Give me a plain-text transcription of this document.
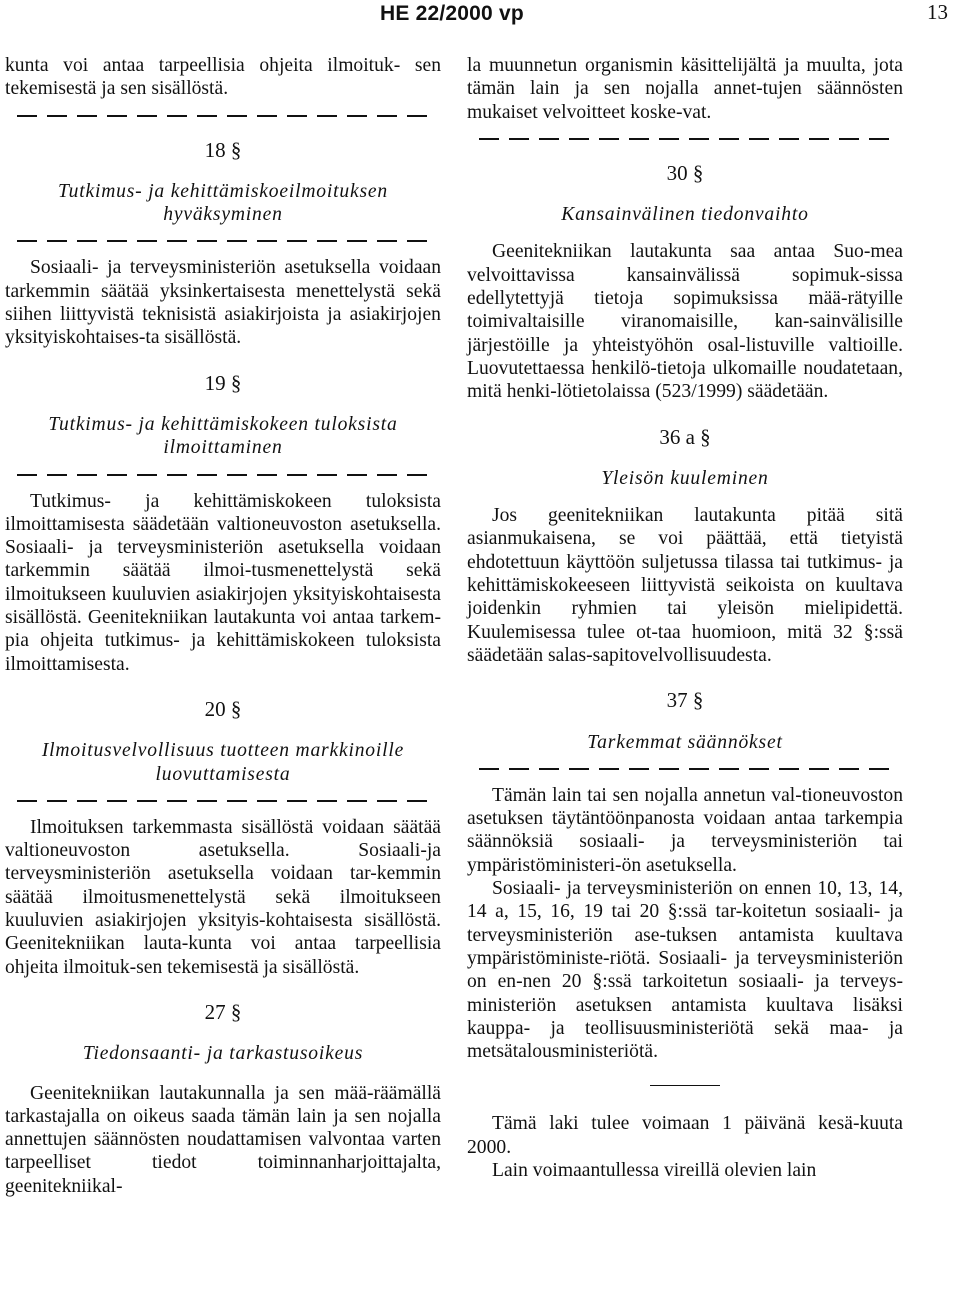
HE 22/2000 vp	13

kunta voi antaa tarpeellisia ohjeita ilmoituk- sen tekemisestä ja sen sisällöstä.

18 §
Tutkimus- ja kehittämiskoeilmoituksen
hyväksyminen

Sosiaali- ja terveysministeriön asetuksella voidaan tarkemmin säätää yksinkertaisesta menettelystä sekä siihen liittyvistä teknisistä asiakirjoista ja asiakirjojen yksityiskohtaises-ta sisällöstä.

19 §
Tutkimus- ja kehittämiskokeen tuloksista
ilmoittaminen

Tutkimus- ja kehittämiskokeen tuloksista ilmoittamisesta säädetään valtioneuvoston asetuksella. Sosiaali- ja terveysministeriön asetuksella voidaan tarkemmin säätää ilmoi-tusmenettelystä sekä ilmoitukseen kuuluvien asiakirjojen yksityiskohtaisesta sisällöstä. Geenitekniikan lautakunta voi antaa tarkem-pia ohjeita tutkimus- ja kehittämiskokeen tuloksista ilmoittamisesta.

20 §
Ilmoitusvelvollisuus tuotteen markkinoille
luovuttamisesta

Ilmoituksen tarkemmasta sisällöstä voidaan säätää valtioneuvoston asetuksella. Sosiaali-ja terveysministeriön asetuksella voidaan tar-kemmin säätää ilmoitusmenettelystä sekä ilmoitukseen kuuluvien asiakirjojen yksityis-kohtaisesta sisällöstä. Geenitekniikan lauta-kunta voi antaa tarpeellisia ohjeita ilmoituk-sen tekemisestä ja sisällöstä.

27 §
Tiedonsaanti- ja tarkastusoikeus

Geenitekniikan lautakunnalla ja sen mää-räämällä tarkastajalla on oikeus saada tämän lain ja sen nojalla annettujen säännösten noudattamisen valvontaa varten tarpeelliset	tiedot toiminnanharjoittajalta, geenitekniikal-

la muunnetun organismin käsittelijältä ja muulta, jota tämän lain ja sen nojalla annet-tujen säännösten mukaiset velvoitteet koske-vat.

30 §
Kansainvälinen tiedonvaihto

Geenitekniikan lautakunta saa antaa Suo-mea velvoittavissa kansainvälissä sopimuk-sissa edellytettyjä tietoja sopimuksissa mää-rätyille toimivaltaisille viranomaisille, kan-sainvälisille järjestöille ja yhteistyöhön osal-listuville valtioille. Luovutettaessa henkilö-tietoja ulkomaille noudatetaan, mitä henki-lötietolaissa (523/1999) säädetään.

36 a §
Yleisön kuuleminen

Jos geenitekniikan lautakunta pitää sitä asianmukaisena, se voi päättää, että tietyistä ehdotettuun käyttöön suljetussa tilassa tai tutkimus- ja kehittämiskokeeseen liittyvistä seikoista on kuultava joidenkin ryhmien tai yleisön mielipidettä. Kuulemisessa tulee ot-taa huomioon, mitä 32 §:ssä säädetään salas-sapitovelvollisuudesta.

37 §
Tarkemmat säännökset

Tämän lain tai sen nojalla annetun val-tioneuvoston asetuksen täytäntöönpanosta voidaan antaa tarkempia säännöksiä sosiaali- ja terveysministeriön tai ympäristöministeri-ön asetuksella.

Sosiaali- ja terveysministeriön on ennen 10, 13, 14, 14 a, 15, 16, 19 tai 20 §:ssä tar-koitetun sosiaali- ja terveysministeriön ase-tuksen antamista kuultava ympäristöministe-riötä. Sosiaali- ja terveysministeriön on en-nen 20 §:ssä tarkoitetun sosiaali- ja terveys-ministeriön asetuksen antamista kuultava lisäksi kauppa- ja teollisuusministeriötä sekä maa- ja metsätalousministeriötä.

Tämä laki tulee voimaan 1 päivänä kesä-kuuta 2000.

Lain voimaantullessa vireillä olevien lain
